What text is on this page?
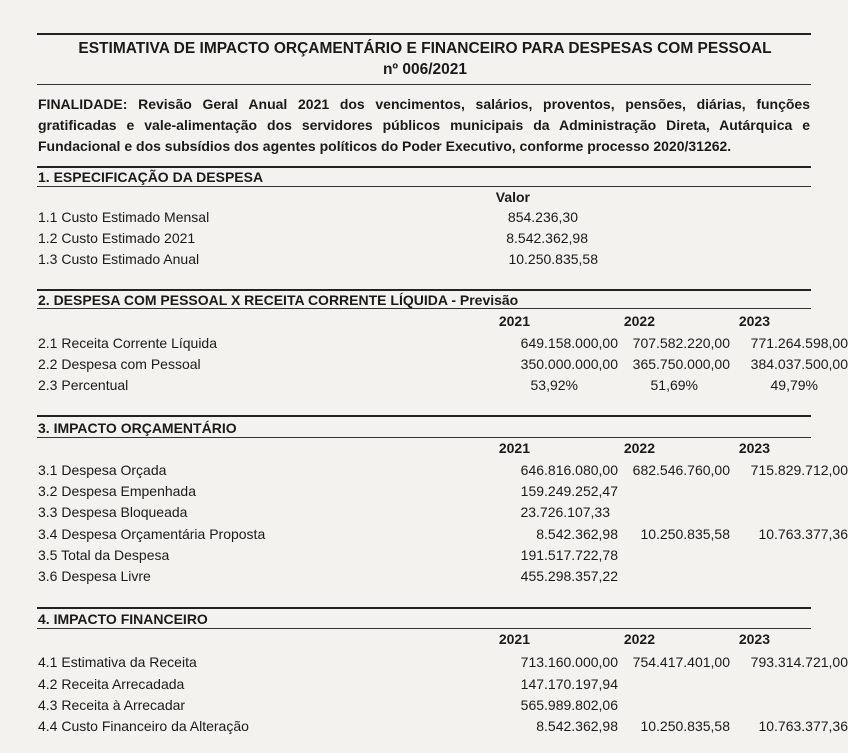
ESTIMATIVA DE IMPACTO ORÇAMENTÁRIO E FINANCEIRO PARA DESPESAS COM PESSOAL
nº 006/2021
FINALIDADE: Revisão Geral Anual 2021 dos vencimentos, salários, proventos, pensões, diárias, funções gratificadas e vale-alimentação dos servidores públicos municipais da Administração Direta, Autárquica e Fundacional e dos subsídios dos agentes políticos do Poder Executivo, conforme processo 2020/31262.
1. ESPECIFICAÇÃO DA DESPESA
Valor
1.1 Custo Estimado Mensal	854.236,30
1.2 Custo Estimado 2021	8.542.362,98
1.3 Custo Estimado Anual	10.250.835,58
2. DESPESA COM PESSOAL X RECEITA CORRENTE LÍQUIDA - Previsão
2021	2022	2023
2.1 Receita Corrente Líquida	649.158.000,00	707.582.220,00	771.264.598,00
2.2 Despesa com Pessoal	350.000.000,00	365.750.000,00	384.037.500,00
2.3 Percentual	53,92%	51,69%	49,79%
3. IMPACTO ORÇAMENTÁRIO
2021	2022	2023
3.1 Despesa Orçada	646.816.080,00	682.546.760,00	715.829.712,00
3.2 Despesa Empenhada	159.249.252,47
3.3 Despesa Bloqueada	23.726.107,33
3.4 Despesa Orçamentária Proposta	8.542.362,98	10.250.835,58	10.763.377,36
3.5 Total da Despesa	191.517.722,78
3.6 Despesa Livre	455.298.357,22
4. IMPACTO FINANCEIRO
2021	2022	2023
4.1 Estimativa da Receita	713.160.000,00	754.417.401,00	793.314.721,00
4.2 Receita Arrecadada	147.170.197,94
4.3 Receita à Arrecadar	565.989.802,06
4.4 Custo Financeiro da Alteração	8.542.362,98	10.250.835,58	10.763.377,36
